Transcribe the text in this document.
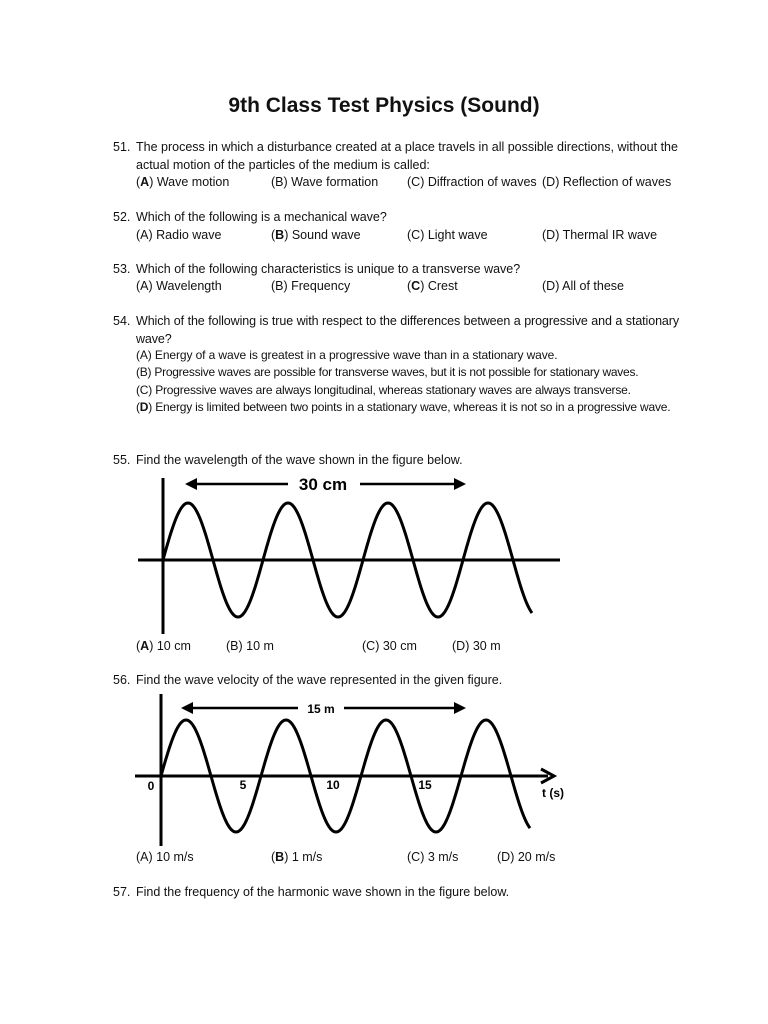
9th Class Test Physics (Sound)
51. The process in which a disturbance created at a place travels in all possible directions, without the actual motion of the particles of the medium is called:
(A) Wave motion	(B) Wave formation (C) Diffraction of waves (D) Reflection of waves
52. Which of the following is a mechanical wave?
(A) Radio wave	(B) Sound wave	(C) Light wave	(D) Thermal IR wave
53. Which of the following characteristics is unique to a transverse wave?
(A) Wavelength	(B) Frequency	(C) Crest	(D) All of these
54. Which of the following is true with respect to the differences between a progressive and a stationary wave?
(A) Energy of a wave is greatest in a progressive wave than in a stationary wave.
(B) Progressive waves are possible for transverse waves, but it is not possible for stationary waves.
(C) Progressive waves are always longitudinal, whereas stationary waves are always transverse.
(D) Energy is limited between two points in a stationary wave, whereas it is not so in a progressive wave.
55. Find the wavelength of the wave shown in the figure below.
30 cm
(A) 10 cm	(B) 10 m	(C) 30 cm	(D) 30 m
56. Find the wave velocity of the wave represented in the given figure.
15 m
0	5	10	15
t (s)
(A) 10 m/s	(B) 1 m/s	(C) 3 m/s	(D) 20 m/s
57. Find the frequency of the harmonic wave shown in the figure below.
